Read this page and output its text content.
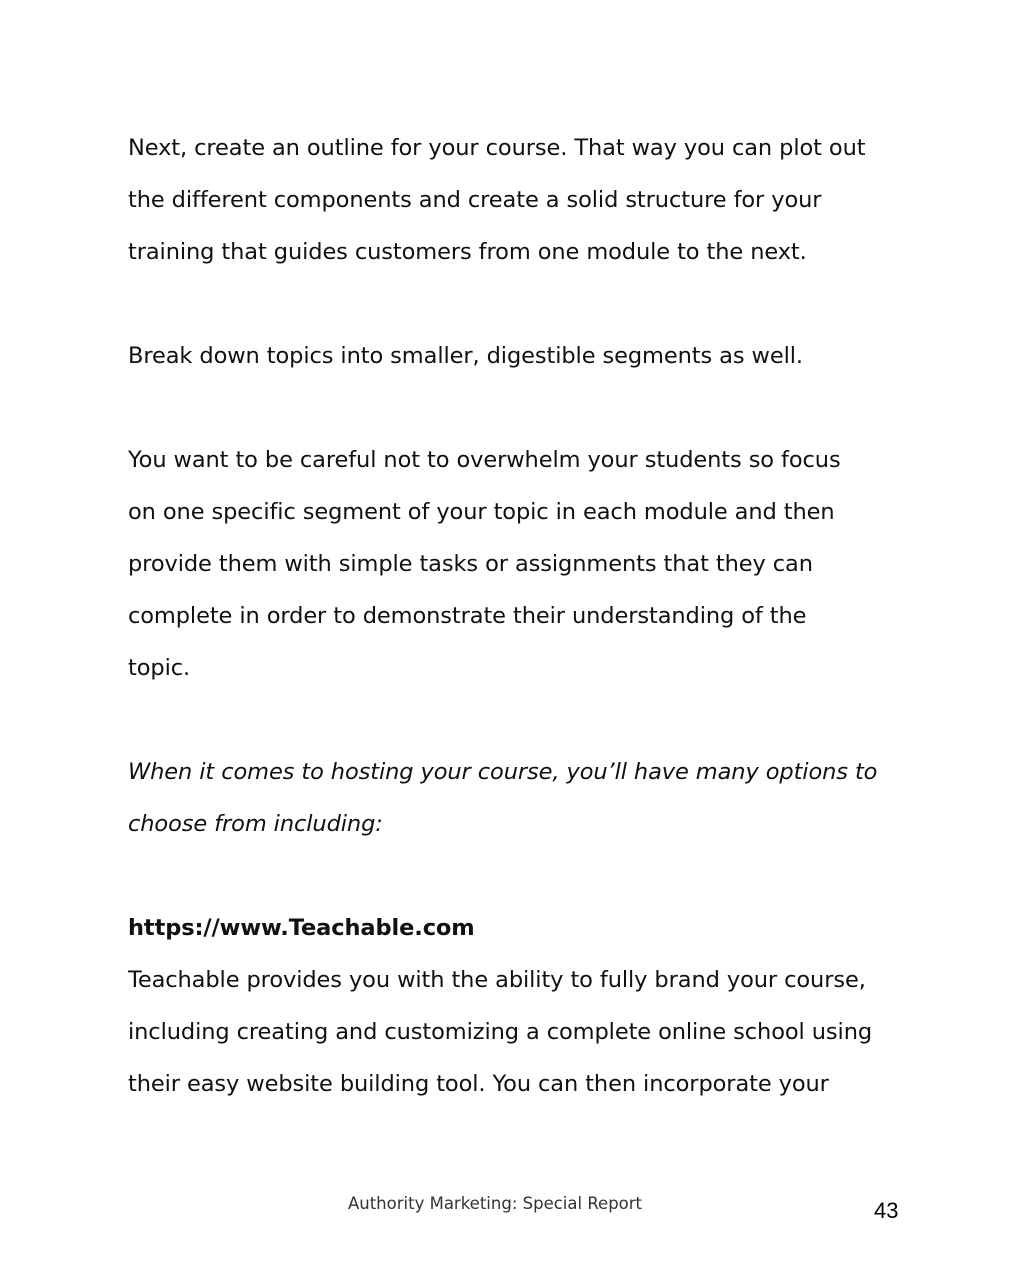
Next, create an outline for your course. That way you can plot out
the different components and create a solid structure for your
training that guides customers from one module to the next.

Break down topics into smaller, digestible segments as well.

You want to be careful not to overwhelm your students so focus
on one specific segment of your topic in each module and then
provide them with simple tasks or assignments that they can
complete in order to demonstrate their understanding of the
topic.

When it comes to hosting your course, you’ll have many options to
choose from including:

https://www.Teachable.com

Teachable provides you with the ability to fully brand your course,
including creating and customizing a complete online school using
their easy website building tool. You can then incorporate your

Authority Marketing: Special Report	43
